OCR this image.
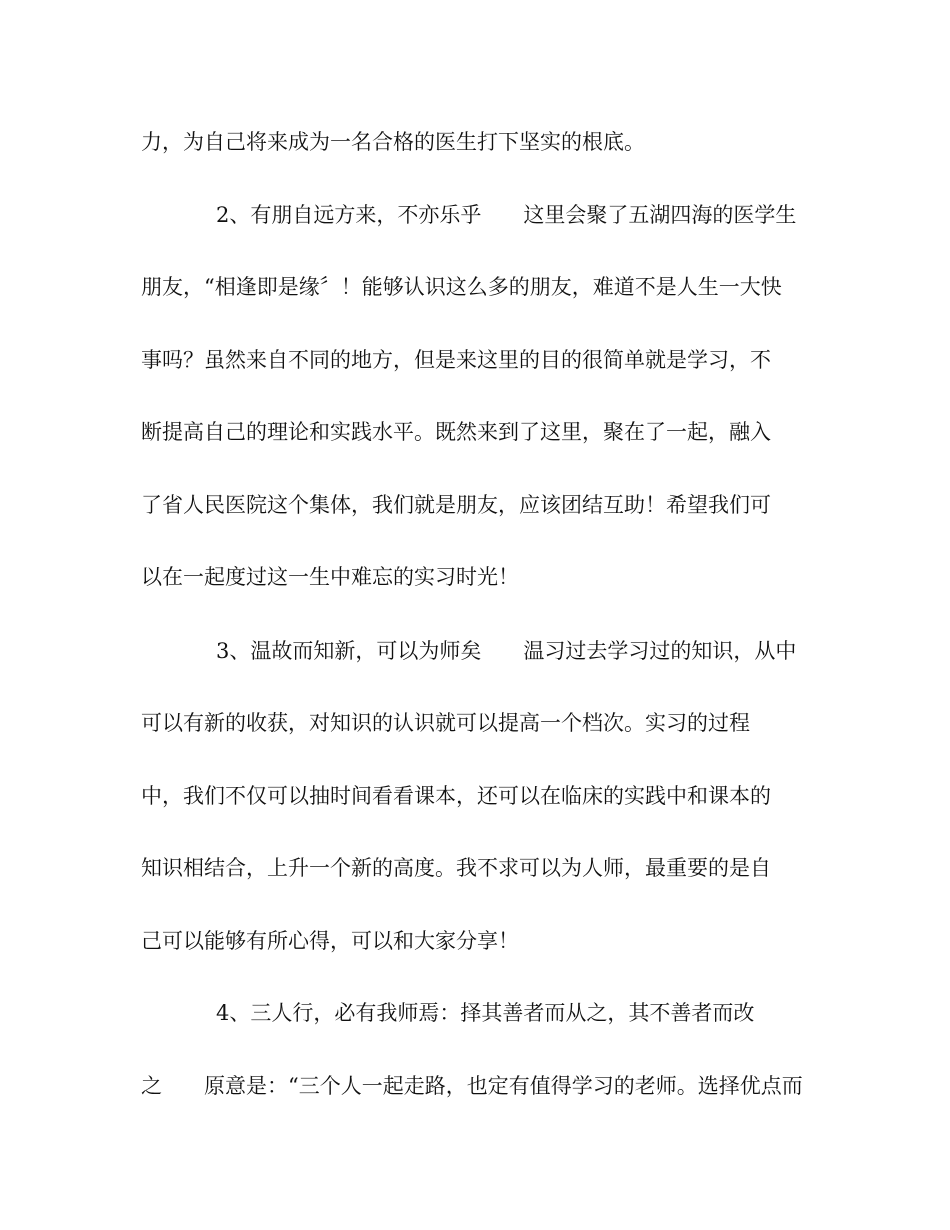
力，为自己将来成为一名合格的医生打下坚实的根底。
2、有朋自远方来，不亦乐乎　　这里会聚了五湖四海的医学生
朋友，“相逢即是缘〞！能够认识这么多的朋友，难道不是人生一大快
事吗？虽然来自不同的地方，但是来这里的目的很简单就是学习，不
断提高自己的理论和实践水平。既然来到了这里，聚在了一起，融入
了省人民医院这个集体，我们就是朋友，应该团结互助！希望我们可
以在一起度过这一生中难忘的实习时光！
3、温故而知新，可以为师矣　　温习过去学习过的知识，从中
可以有新的收获，对知识的认识就可以提高一个档次。实习的过程
中，我们不仅可以抽时间看看课本，还可以在临床的实践中和课本的
知识相结合，上升一个新的高度。我不求可以为人师，最重要的是自
己可以能够有所心得，可以和大家分享！
4、三人行，必有我师焉：择其善者而从之，其不善者而改
之　　原意是：“三个人一起走路，也定有值得学习的老师。选择优点而
